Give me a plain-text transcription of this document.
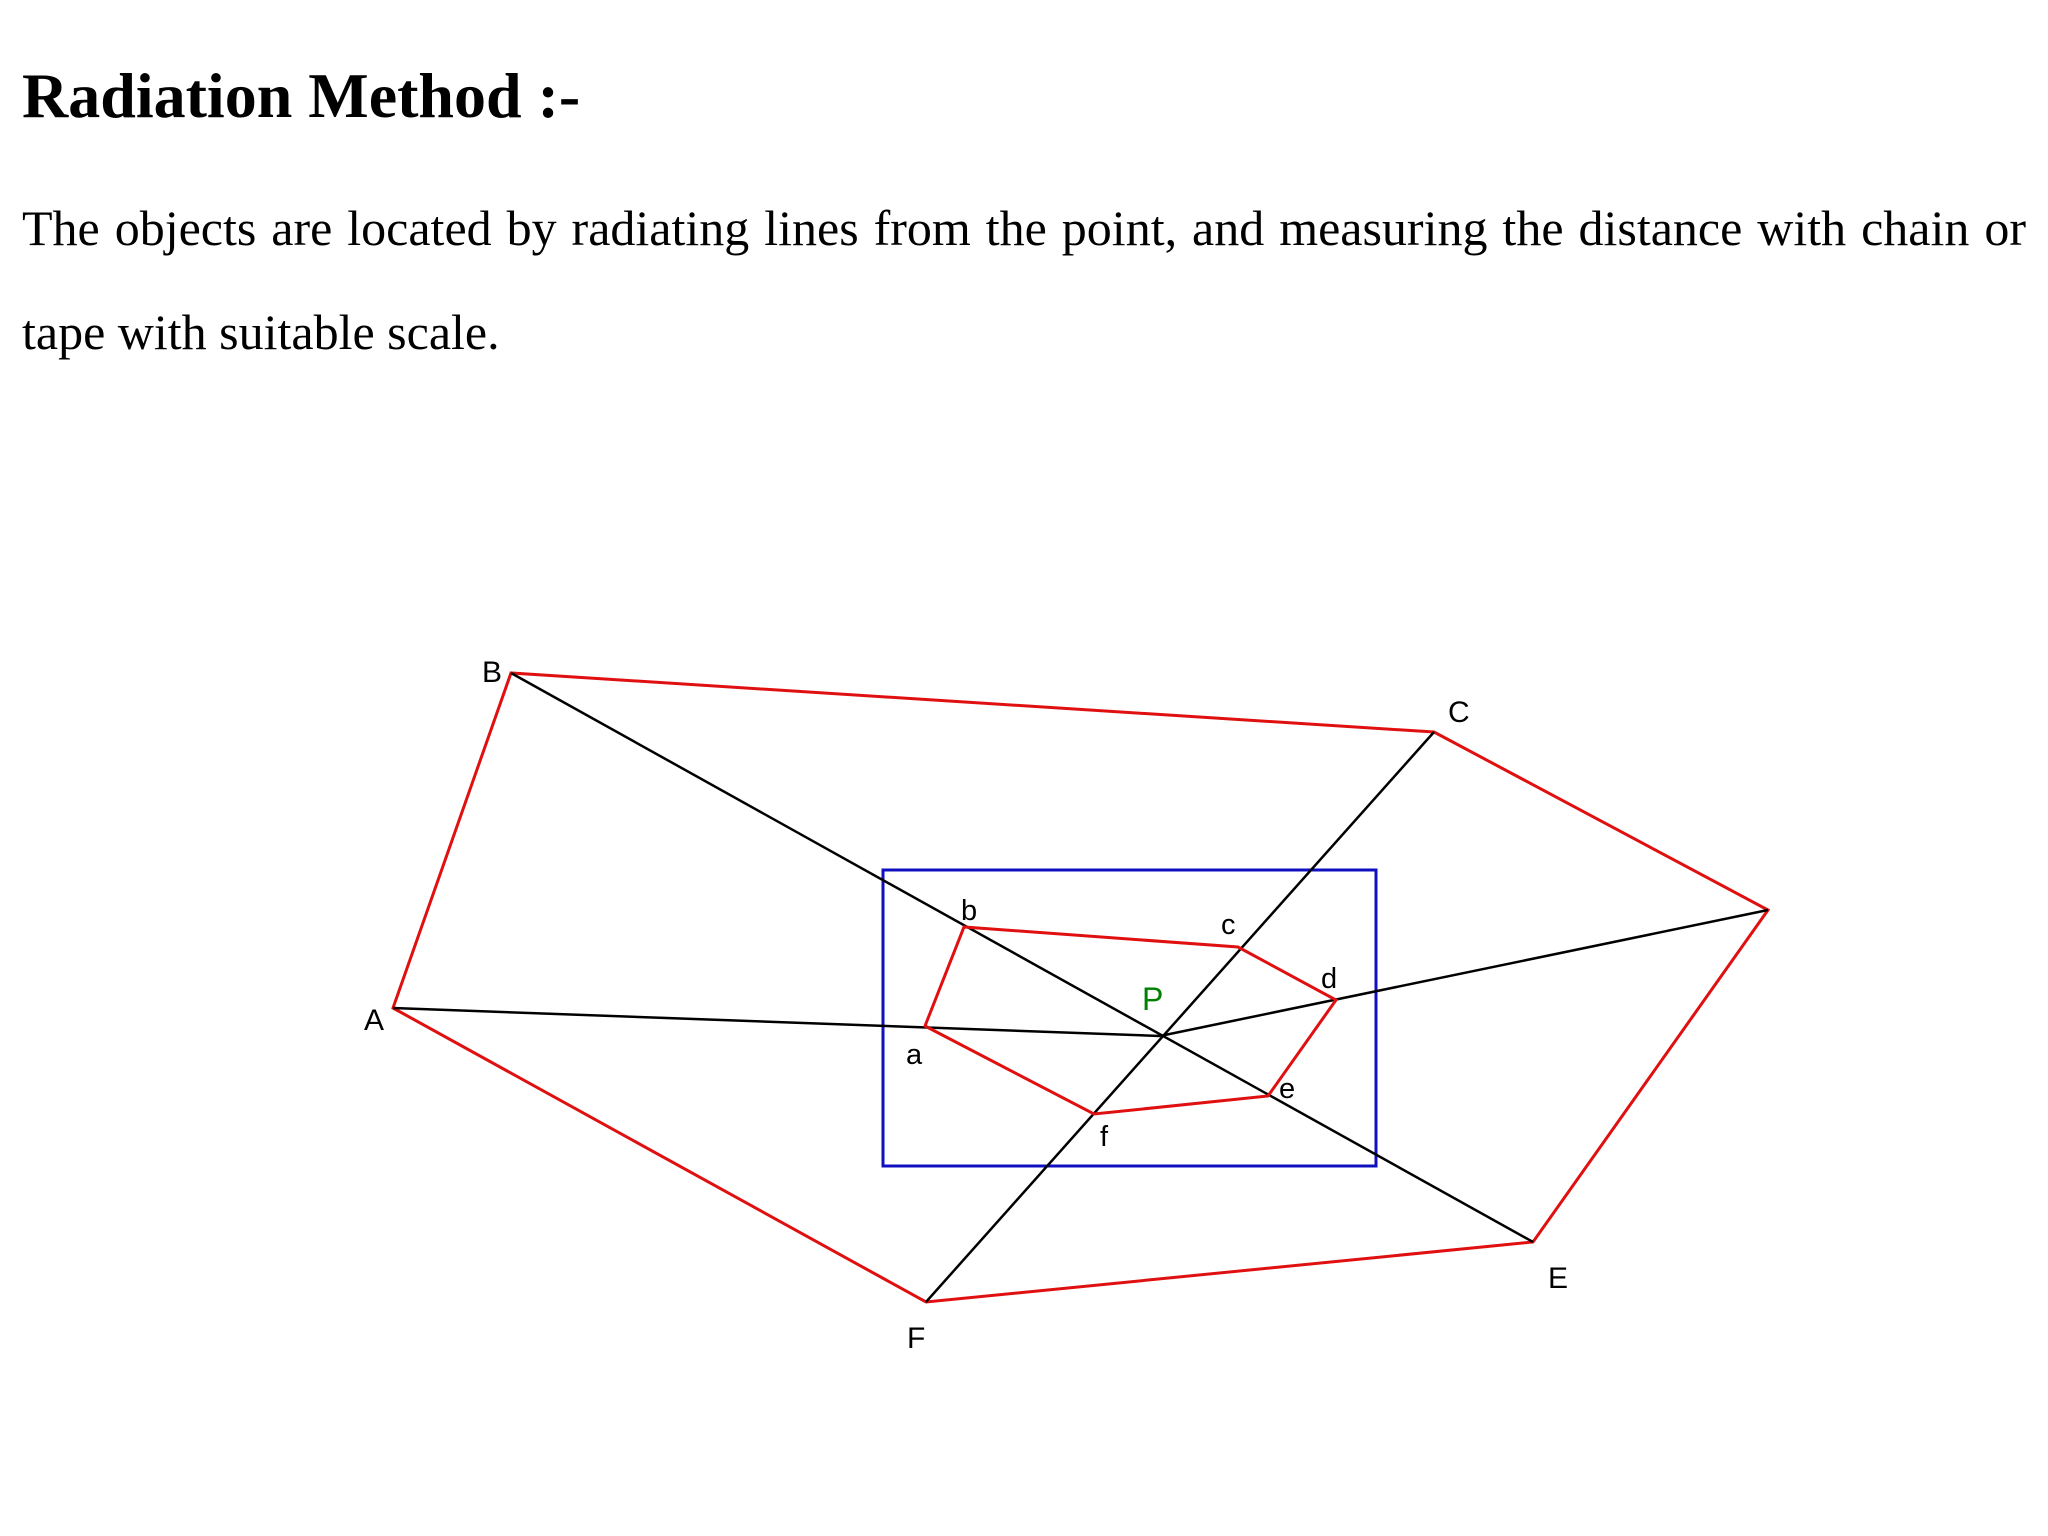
Radiation Method :-

The objects are located by radiating lines from the point, and measuring the distance with chain or tape with suitable scale.

P
A
B
C
E
F
a
b	c
d
e
f
